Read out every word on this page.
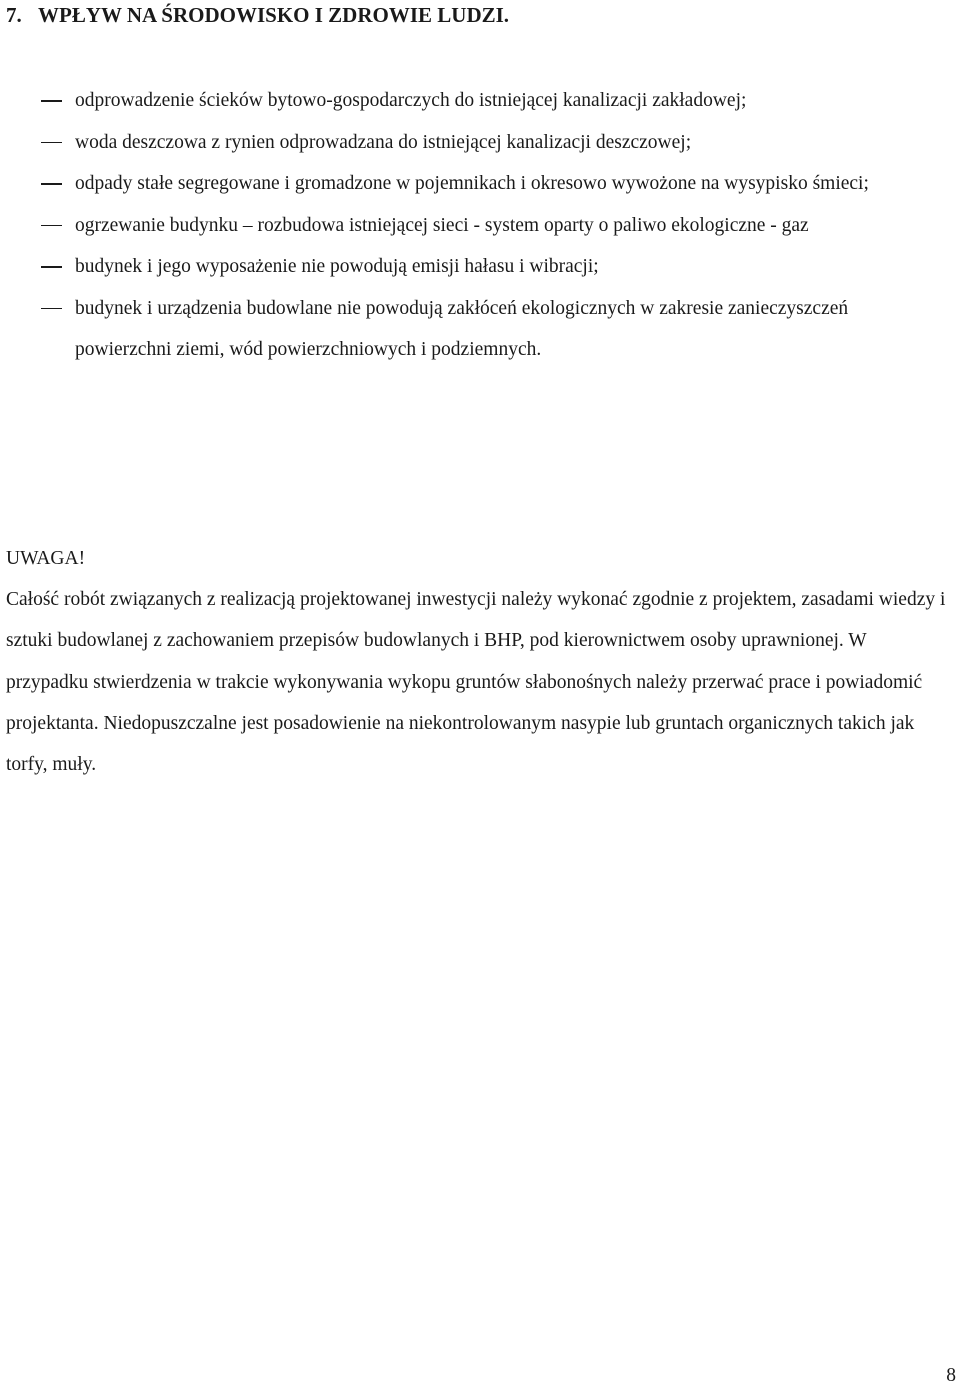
7. WPŁYW NA ŚRODOWISKO I ZDROWIE LUDZI.
odprowadzenie ścieków bytowo-gospodarczych do istniejącej kanalizacji zakładowej;
woda deszczowa z rynien odprowadzana do istniejącej kanalizacji deszczowej;
odpady stałe segregowane i gromadzone w pojemnikach i okresowo wywożone na wysypisko śmieci;
ogrzewanie budynku – rozbudowa istniejącej sieci - system oparty o paliwo ekologiczne - gaz
budynek i jego wyposażenie nie powodują emisji hałasu i wibracji;
budynek i urządzenia budowlane nie powodują zakłóceń ekologicznych w zakresie zanieczyszczeń powierzchni ziemi, wód powierzchniowych i podziemnych.
UWAGA!

Całość robót związanych z realizacją projektowanej inwestycji należy wykonać zgodnie z projektem, zasadami wiedzy i sztuki budowlanej z zachowaniem przepisów budowlanych i BHP, pod kierownictwem osoby uprawnionej. W przypadku stwierdzenia w trakcie wykonywania wykopu gruntów słabonośnych należy przerwać prace i powiadomić projektanta. Niedopuszczalne jest posadowienie na niekontrolowanym nasypie lub gruntach organicznych takich jak torfy, muły.

8
